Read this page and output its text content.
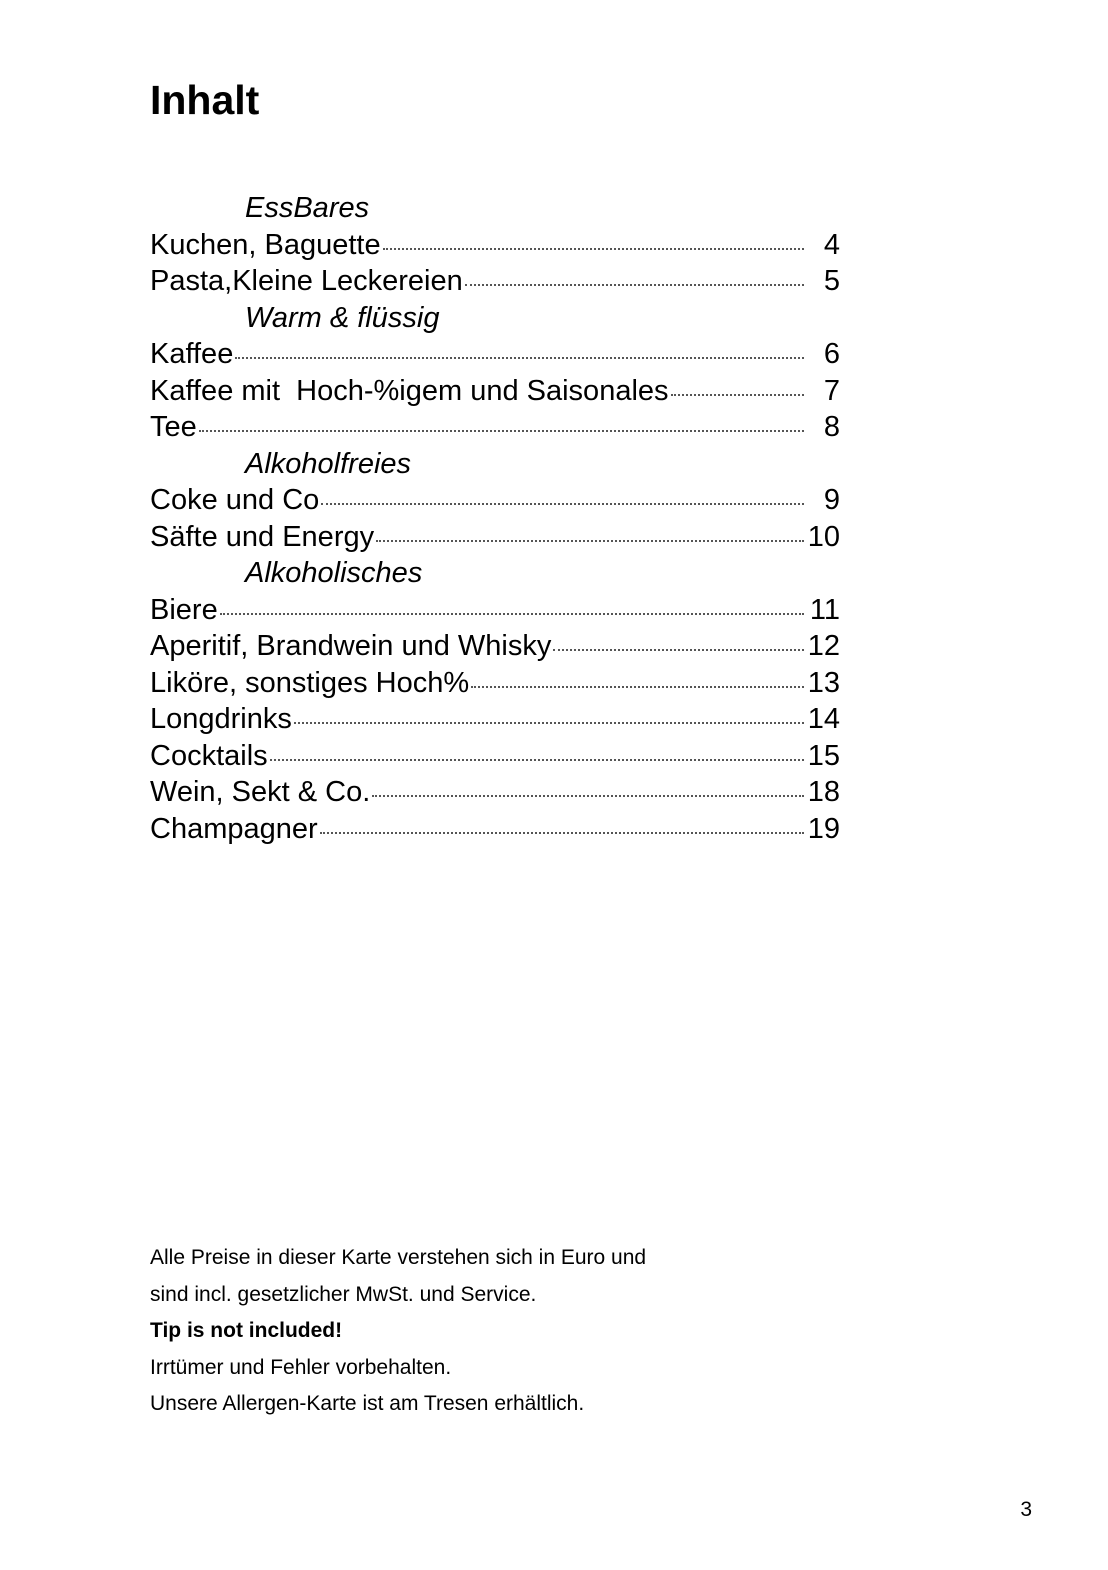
Inhalt
EssBares
Kuchen, Baguette	4
Pasta,Kleine Leckereien	5
Warm & flüssig
Kaffee	6
Kaffee mit  Hoch-%igem und Saisonales	7
Tee	8
Alkoholfreies
Coke und Co	9
Säfte und Energy	10
Alkoholisches
Biere	11
Aperitif, Brandwein und Whisky	12
Liköre, sonstiges Hoch%	13
Longdrinks	14
Cocktails	15
Wein, Sekt & Co.	18
Champagner	19
Alle Preise in dieser Karte verstehen sich in Euro und
sind incl. gesetzlicher MwSt. und Service.
Tip is not included!
Irrtümer und Fehler vorbehalten.
Unsere Allergen-Karte ist am Tresen erhältlich.
3
